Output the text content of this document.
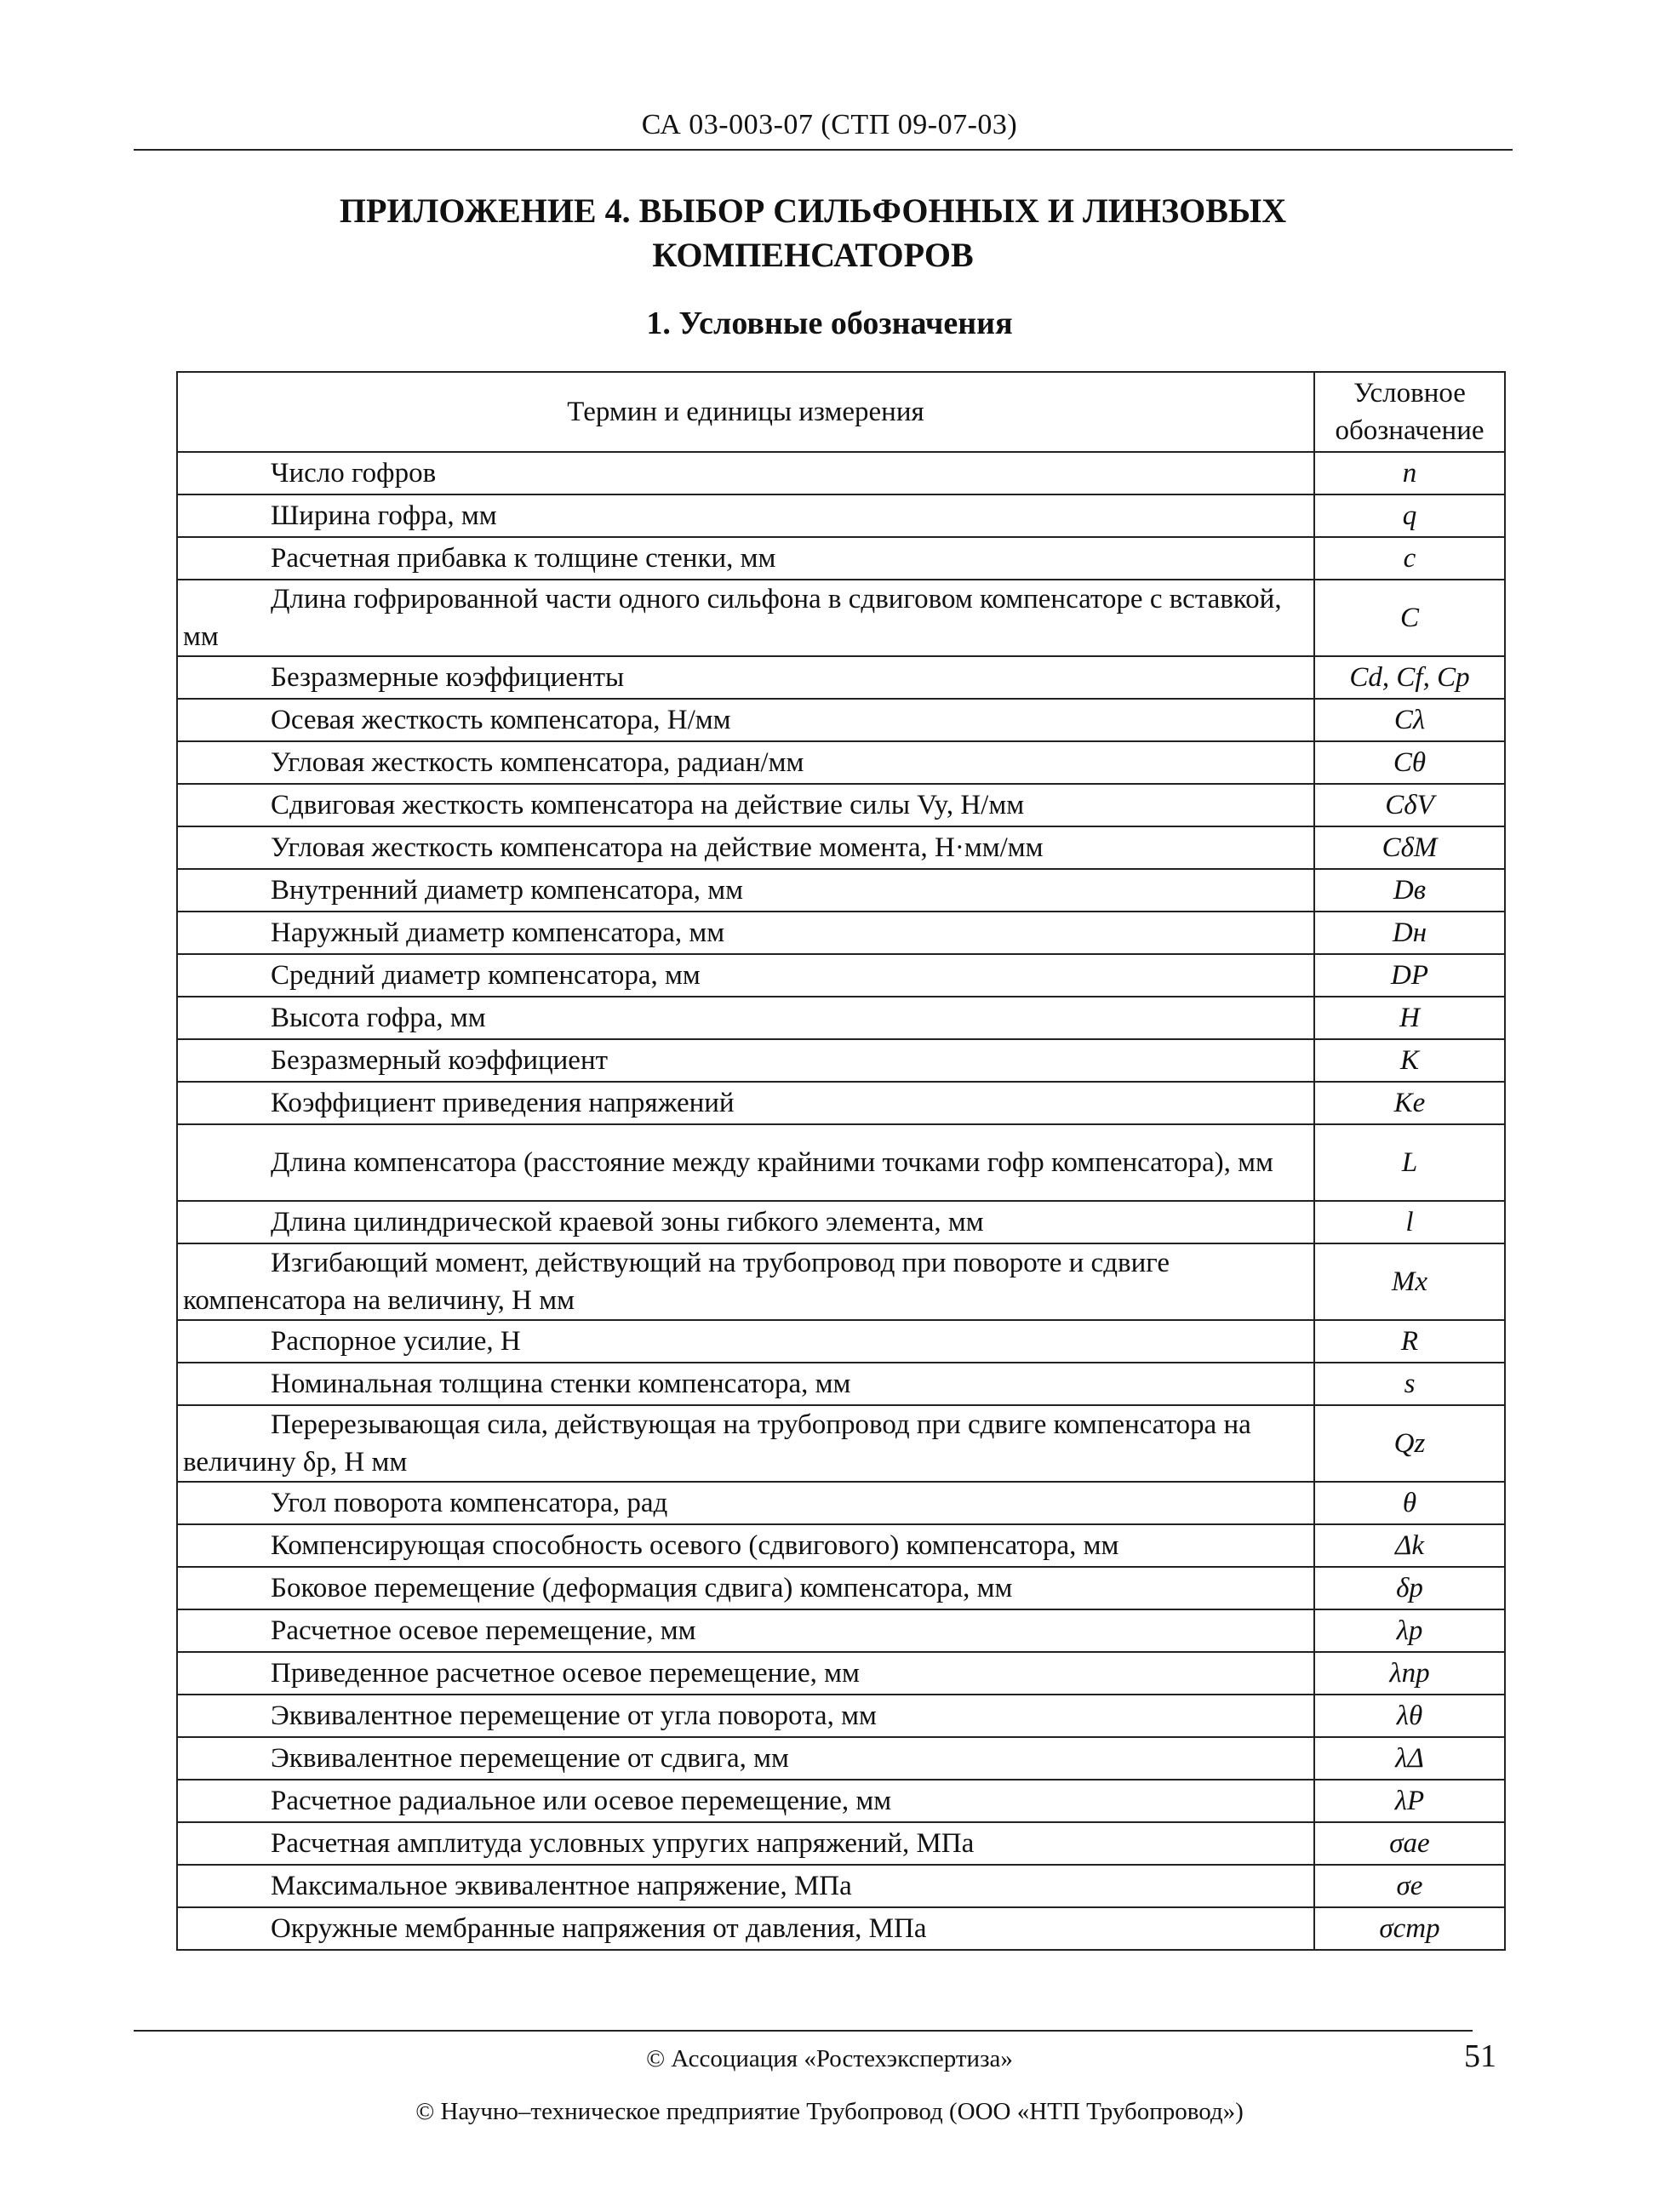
СА 03-003-07 (СТП 09-07-03)
ПРИЛОЖЕНИЕ 4. ВЫБОР СИЛЬФОННЫХ И ЛИНЗОВЫХ
КОМПЕНСАТОРОВ
1. Условные обозначения
Термин и единицы измерения	Условное обозначение
Число гофров	n
Ширина гофра, мм	q
Расчетная прибавка к толщине стенки, мм	c
Длина гофрированной части одного сильфона в сдвиговом компенсаторе с вставкой, мм	C
Безразмерные коэффициенты	Cd, Cf, Cp
Осевая жесткость компенсатора, Н/мм	Cλ
Угловая жесткость компенсатора, радиан/мм	Cθ
Сдвиговая жесткость компенсатора на действие силы Vy, Н/мм	CδV
Угловая жесткость компенсатора на действие момента, Н·мм/мм	CδM
Внутренний диаметр компенсатора, мм	Dв
Наружный диаметр компенсатора, мм	Dн
Средний диаметр компенсатора, мм	DP
Высота гофра, мм	H
Безразмерный коэффициент	K
Коэффициент приведения напряжений	Ke
Длина компенсатора (расстояние между крайними точками гофр компенсатора), мм	L
Длина цилиндрической краевой зоны гибкого элемента, мм	l
Изгибающий момент, действующий на трубопровод при повороте и сдвиге компенсатора на величину, Н мм	Mx
Распорное усилие, Н	R
Номинальная толщина стенки компенсатора, мм	s
Перерезывающая сила, действующая на трубопровод при сдвиге компенсатора на величину δр, Н мм	Qz
Угол поворота компенсатора, рад	θ
Компенсирующая способность осевого (сдвигового) компенсатора, мм	Δk
Боковое перемещение (деформация сдвига) компенсатора, мм	δp
Расчетное осевое перемещение, мм	λp
Приведенное расчетное осевое перемещение, мм	λпр
Эквивалентное перемещение от угла поворота, мм	λθ
Эквивалентное перемещение от сдвига, мм	λΔ
Расчетное радиальное или осевое перемещение, мм	λP
Расчетная амплитуда условных упругих напряжений, МПа	σae
Максимальное эквивалентное напряжение, МПа	σe
Окружные мембранные напряжения от давления, МПа	σcmp
© Ассоциация «Ростехэкспертиза»	51
© Научно–техническое предприятие Трубопровод (ООО «НТП Трубопровод»)
